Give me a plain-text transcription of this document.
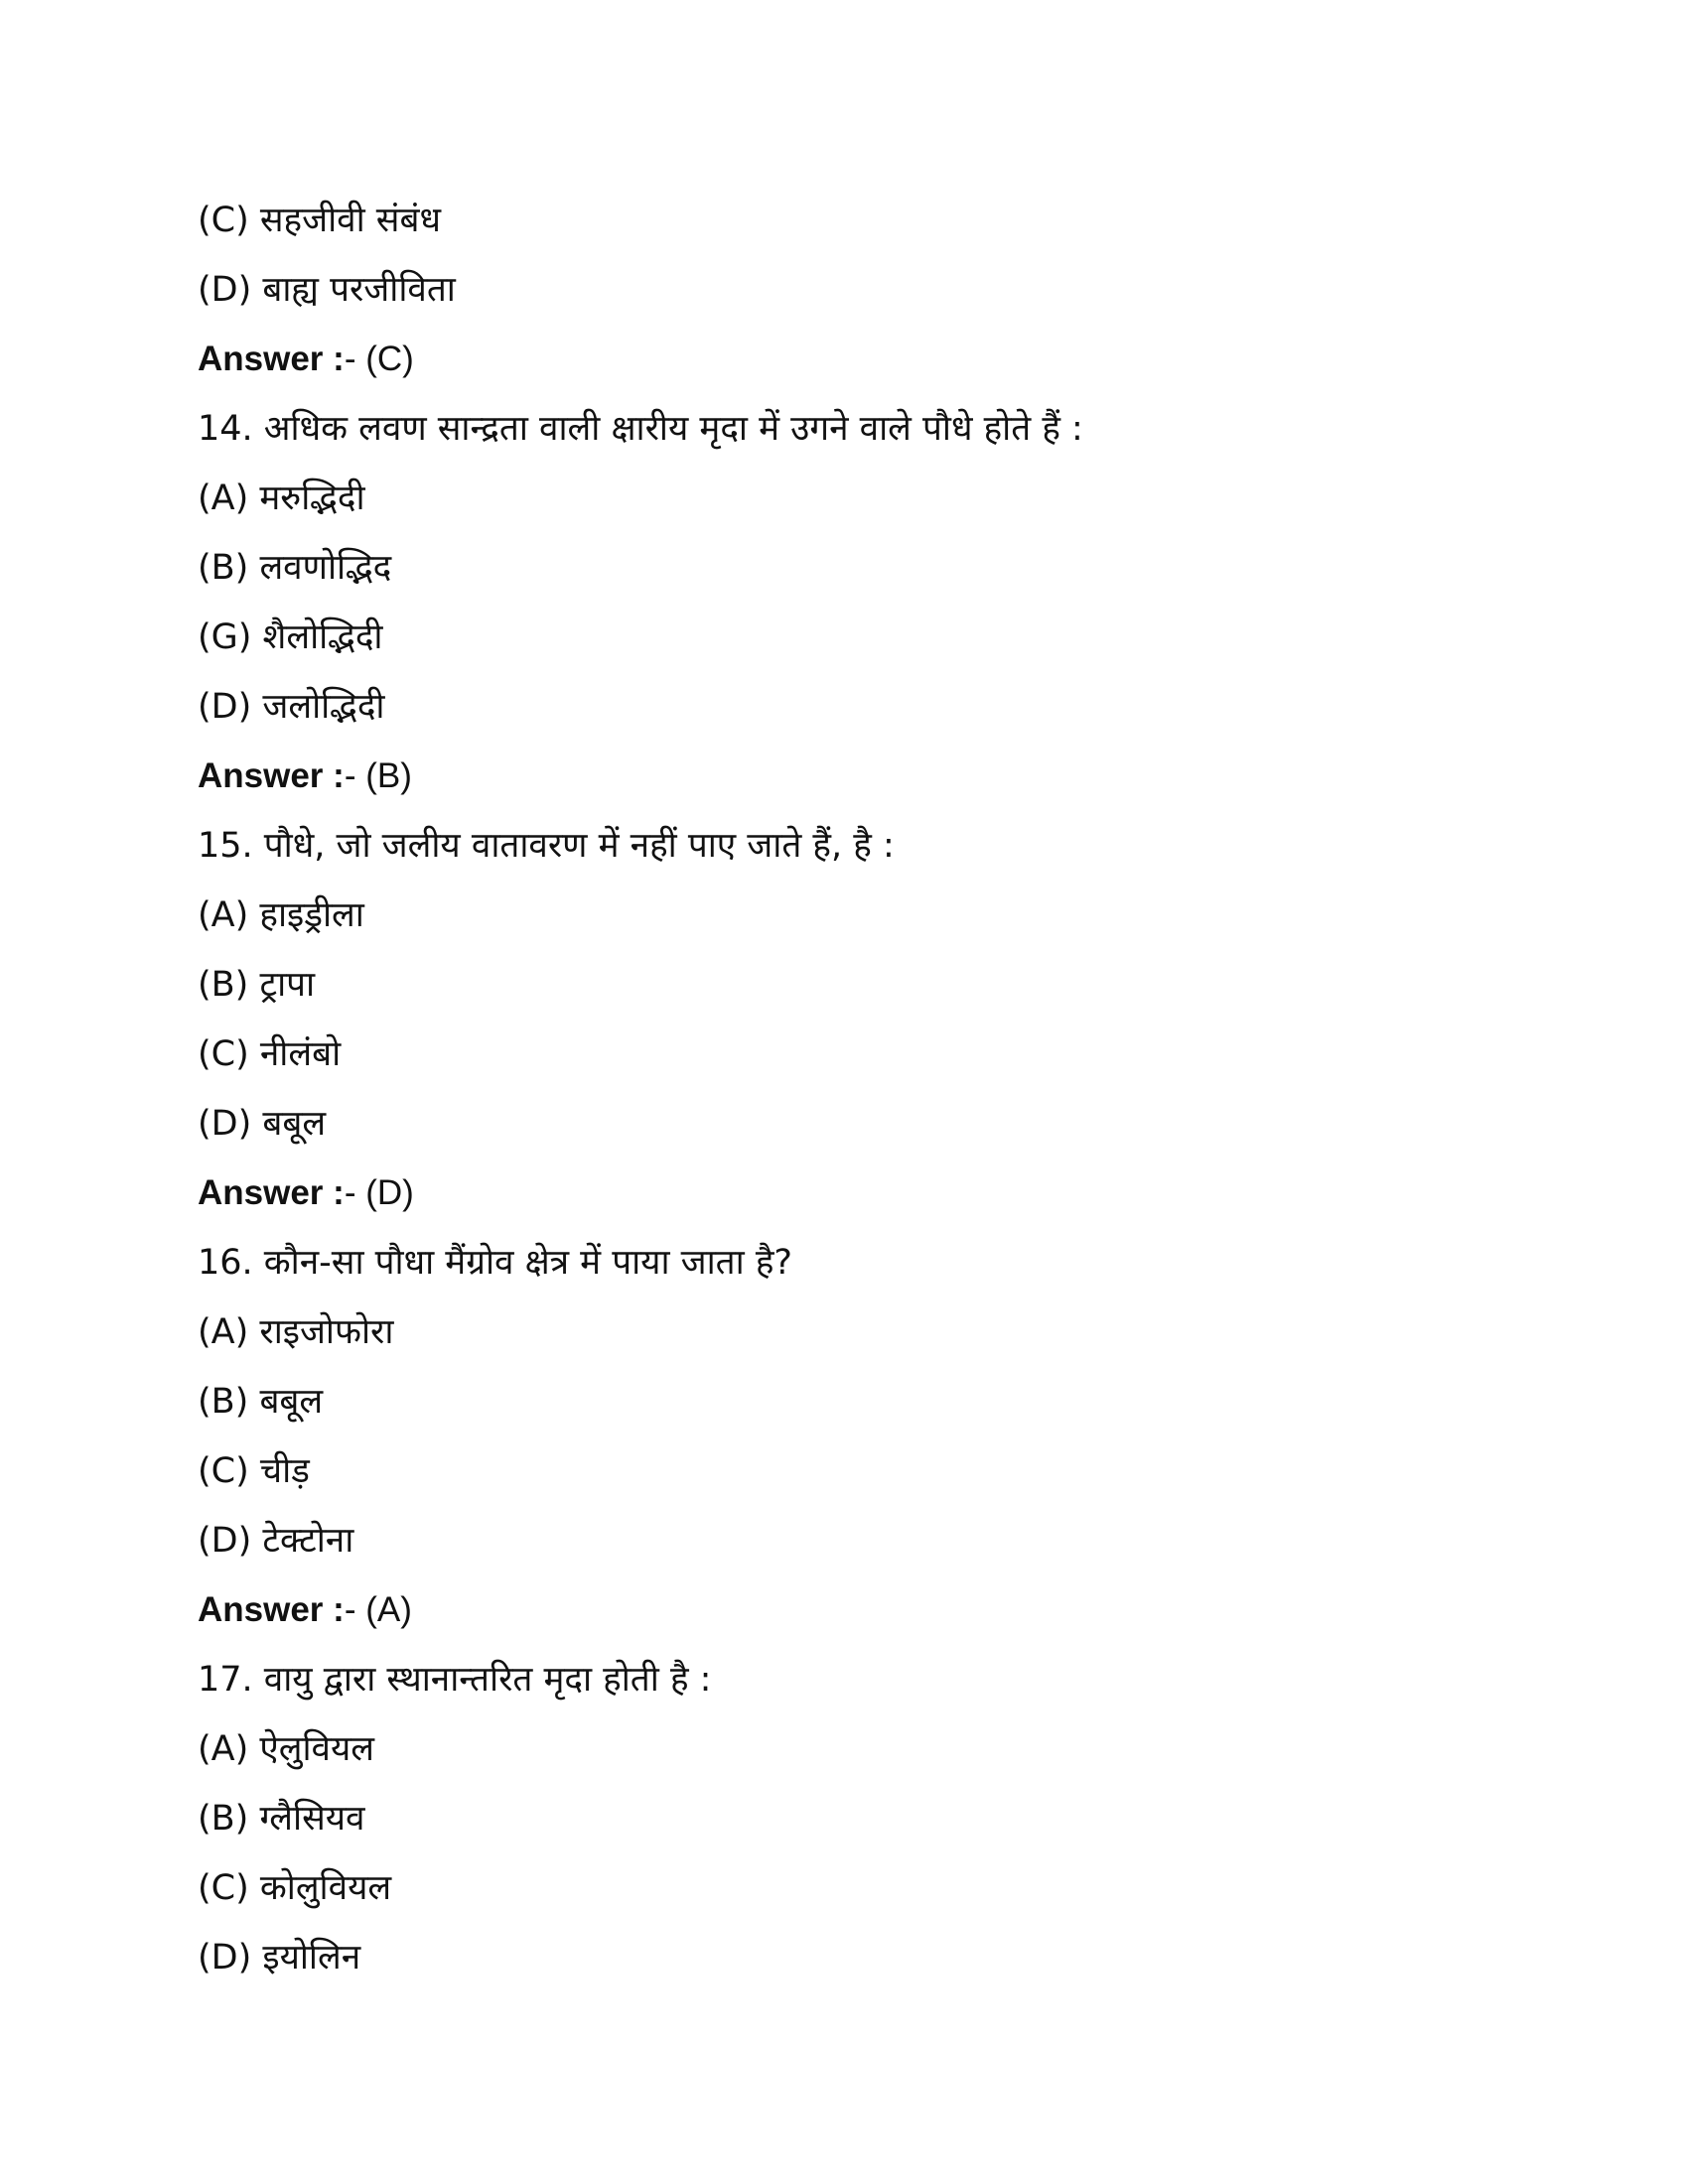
(C) सहजीवी संबंध
(D) बाह्य परजीविता
Answer :- (C)
14. अधिक लवण सान्द्रता वाली क्षारीय मृदा में उगने वाले पौधे होते हैं :
(A) मरुद्भिदी
(B) लवणोद्भिद
(G) शैलोद्भिदी
(D) जलोद्भिदी
Answer :- (B)
15. पौधे, जो जलीय वातावरण में नहीं पाए जाते हैं, है :
(A) हाइड्रीला
(B) ट्रापा
(C) नीलंबो
(D) बबूल
Answer :- (D)
16. कौन-सा पौधा मैंग्रोव क्षेत्र में पाया जाता है?
(A) राइजोफोरा
(B) बबूल
(C) चीड़
(D) टेक्टोना
Answer :- (A)
17. वायु द्वारा स्थानान्तरित मृदा होती है :
(A) ऐलुवियल
(B) ग्लैसियव
(C) कोलुवियल
(D) इयोलिन
